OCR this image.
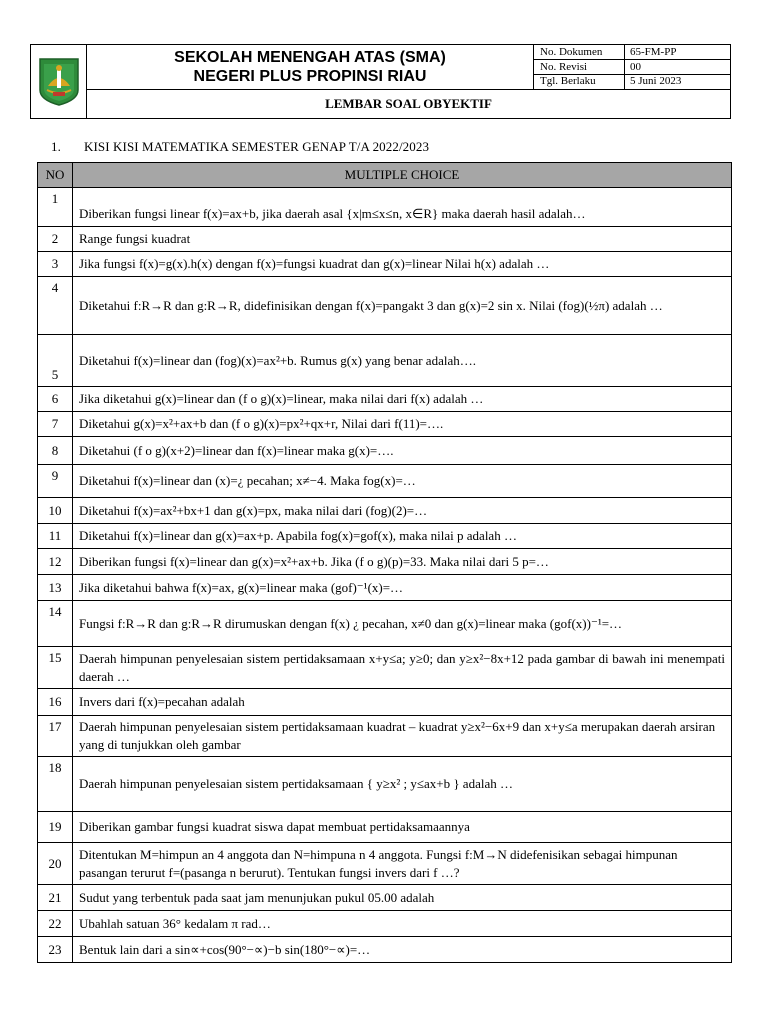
SEKOLAH MENENGAH ATAS (SMA)
NEGERI PLUS PROPINSI RIAU
No. Dokumen	65-FM-PP
No. Revisi	00
Tgl. Berlaku	5 Juni 2023
LEMBAR SOAL OBYEKTIF
1. KISI KISI MATEMATIKA SEMESTER GENAP T/A 2022/2023
NO	MULTIPLE CHOICE
1	Diberikan fungsi linear f(x)=ax+b, jika daerah asal {x|m≤x≤n, x∈R} maka daerah hasil adalah…
2	Range fungsi kuadrat
3	Jika fungsi f(x)=g(x).h(x) dengan f(x)=fungsi kuadrat dan g(x)=linear Nilai h(x) adalah …
4	Diketahui f:R→R dan g:R→R, didefinisikan dengan f(x)=pangakt 3 dan g(x)=2 sin x. Nilai (fog)(½π) adalah …
5	Diketahui f(x)=linear dan (fog)(x)=ax²+b. Rumus g(x) yang benar adalah….
6	Jika diketahui g(x)=linear dan (f o g)(x)=linear, maka nilai dari f(x) adalah …
7	Diketahui g(x)=x²+ax+b dan (f o g)(x)=px²+qx+r, Nilai dari f(11)=….
8	Diketahui (f o g)(x+2)=linear dan f(x)=linear maka g(x)=….
9	Diketahui f(x)=linear dan (x)=¿ pecahan; x≠−4. Maka fog(x)=…
10	Diketahui f(x)=ax²+bx+1 dan g(x)=px, maka nilai dari (fog)(2)=…
11	Diketahui f(x)=linear dan g(x)=ax+p. Apabila fog(x)=gof(x), maka nilai p adalah …
12	Diberikan fungsi f(x)=linear dan g(x)=x²+ax+b. Jika (f o g)(p)=33. Maka nilai dari 5 p=…
13	Jika diketahui bahwa f(x)=ax, g(x)=linear maka (gof)⁻¹(x)=…
14	Fungsi f:R→R dan g:R→R dirumuskan dengan f(x) ¿ pecahan, x≠0 dan g(x)=linear maka (gof(x))⁻¹=…
15	Daerah himpunan penyelesaian sistem pertidaksamaan x+y≤a; y≥0; dan y≥x²−8x+12 pada gambar di bawah ini menempati daerah …
16	Invers dari f(x)=pecahan adalah
17	Daerah himpunan penyelesaian sistem pertidaksamaan kuadrat – kuadrat y≥x²−6x+9 dan x+y≤a merupakan daerah arsiran yang di tunjukkan oleh gambar
18	Daerah himpunan penyelesaian sistem pertidaksamaan { y≥x² ; y≤ax+b } adalah …
19	Diberikan gambar fungsi kuadrat siswa dapat membuat pertidaksamaannya
20	Ditentukan M=himpun an 4 anggota dan N=himpuna n 4 anggota. Fungsi f:M→N didefenisikan sebagai himpunan pasangan terurut f=(pasanga n berurut). Tentukan fungsi invers dari f …?
21	Sudut yang terbentuk pada saat jam menunjukan pukul 05.00 adalah
22	Ubahlah satuan 36° kedalam π rad…
23	Bentuk lain dari a sin∝+cos(90°−∝)−b sin(180°−∝)=…
